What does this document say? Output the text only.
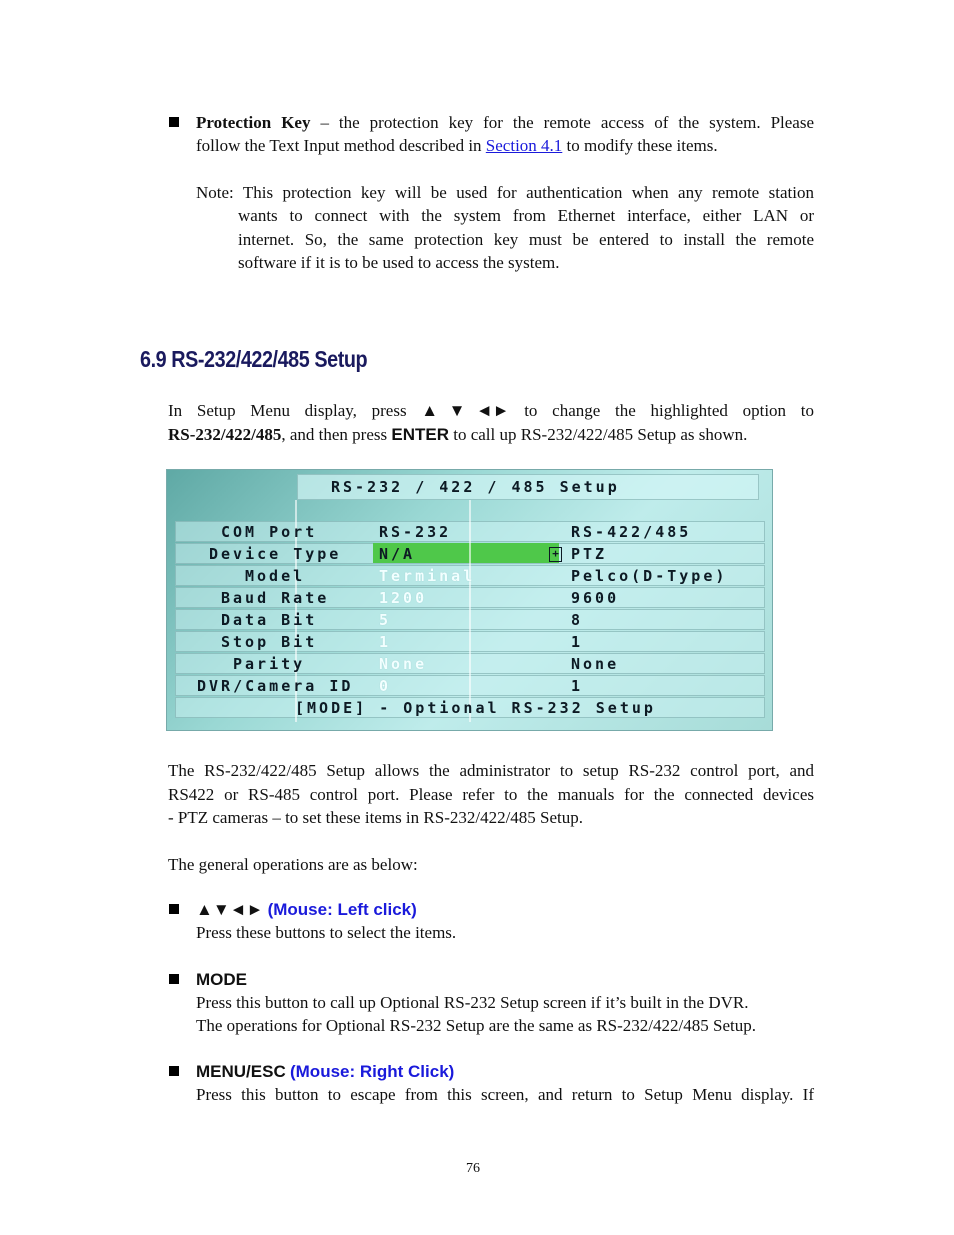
Protection Key – the protection key for the remote access of the system. Please
follow the Text Input method described in Section 4.1 to modify these items.
Note: This protection key will be used for authentication when any remote station
wants to connect with the system from Ethernet interface, either LAN or
internet. So, the same protection key must be entered to install the remote
software if it is to be used to access the system.
6.9 RS-232/422/485 Setup
In Setup Menu display, press ▲▼◄► to change the highlighted option to
RS-232/422/485, and then press ENTER to call up RS-232/422/485 Setup as shown.
RS-232 / 422 / 485 Setup
COM Port
Device Type
Model
Baud Rate
Data Bit
Stop Bit
Parity
DVR/Camera ID
RS-232
N/A
Terminal
1200
5
1
None
0
+
RS-422/485
PTZ
Pelco(D-Type)
9600
8
1
None
1
[MODE] - Optional RS-232 Setup
The RS-232/422/485 Setup allows the administrator to setup RS-232 control port, and
RS422 or RS-485 control port. Please refer to the manuals for the connected devices
- PTZ cameras – to set these items in RS-232/422/485 Setup.
The general operations are as below:
▲▼◄► (Mouse: Left click)
Press these buttons to select the items.
MODE
Press this button to call up Optional RS-232 Setup screen if it’s built in the DVR.
The operations for Optional RS-232 Setup are the same as RS-232/422/485 Setup.
MENU/ESC (Mouse: Right Click)
Press this button to escape from this screen, and return to Setup Menu display. If
76
